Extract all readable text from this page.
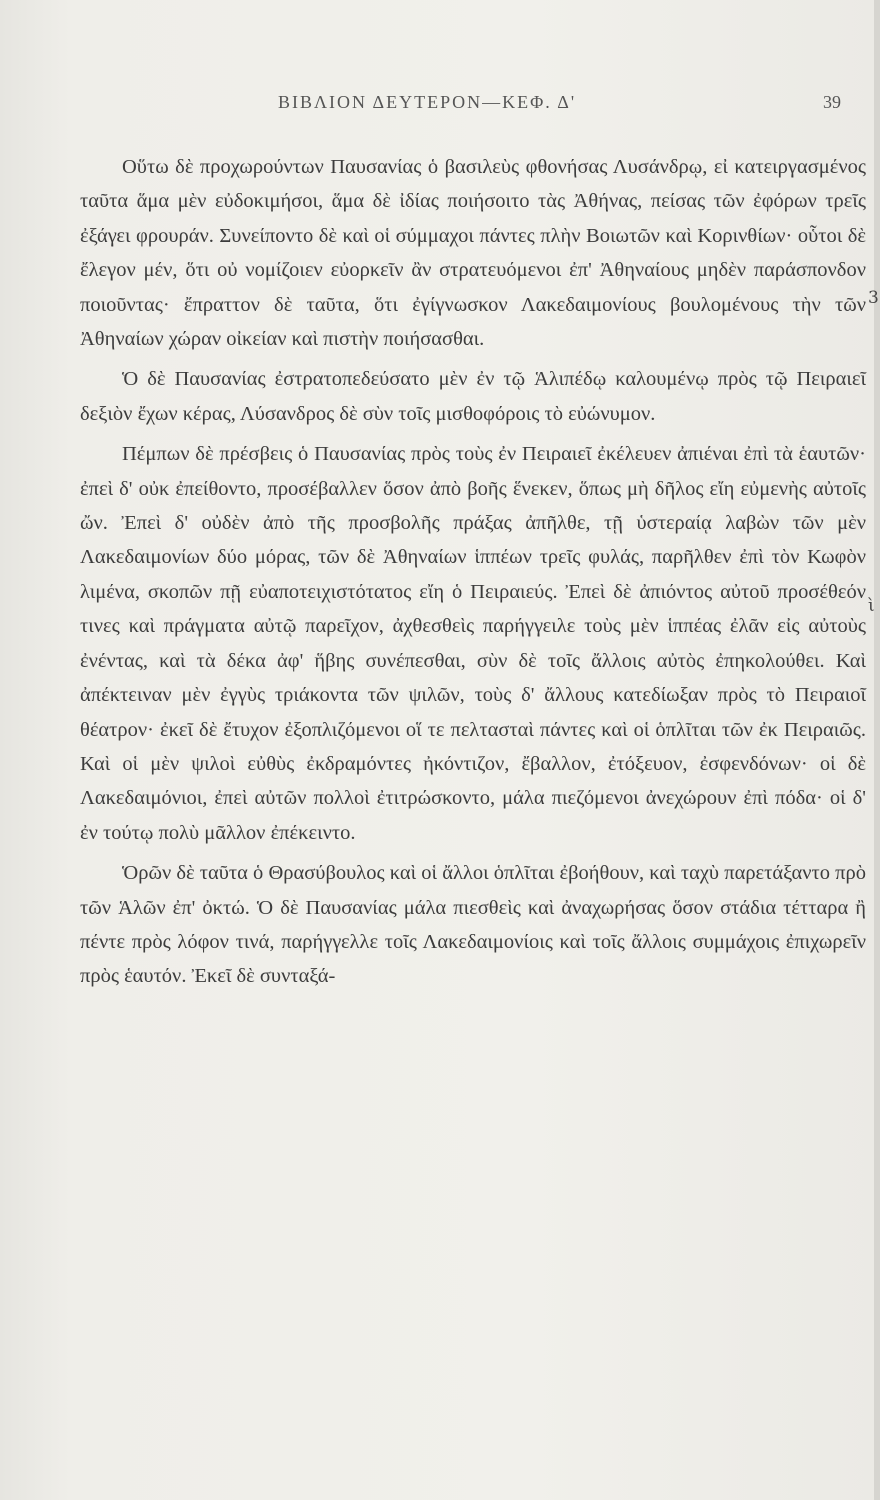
ΒΙΒΛΙΟΝ ΔΕΥΤΕΡΟΝ—ΚΕΦ. Δ'	39
3
ὶ

Οὕτω δὲ προχωρούντων Παυσανίας ὁ βασιλεὺς φθονήσας Λυσάνδρῳ, εἰ κατειργασμένος ταῦτα ἅμα μὲν εὐδοκιμήσοι, ἅμα δὲ ἰδίας ποιήσοιτο τὰς Ἀθήνας, πείσας τῶν ἐφόρων τρεῖς ἐξάγει φρουράν. Συνείποντο δὲ καὶ οἱ σύμμαχοι πάντες πλὴν Βοιωτῶν καὶ Κορινθίων· οὗτοι δὲ ἔλεγον μέν, ὅτι οὐ νομίζοιεν εὐορκεῖν ἂν στρατευόμενοι ἐπ' Ἀθηναίους μηδὲν παράσπονδον ποιοῦντας· ἔπραττον δὲ ταῦτα, ὅτι ἐγίγνωσκον Λακεδαιμονίους βουλομένους τὴν τῶν Ἀθηναίων χώραν οἰκείαν καὶ πιστὴν ποιήσασθαι.

Ὁ δὲ Παυσανίας ἐστρατοπεδεύσατο μὲν ἐν τῷ Ἁλιπέδῳ καλουμένῳ πρὸς τῷ Πειραιεῖ δεξιὸν ἔχων κέρας, Λύσανδρος δὲ σὺν τοῖς μισθοφόροις τὸ εὐώνυμον.

Πέμπων δὲ πρέσβεις ὁ Παυσανίας πρὸς τοὺς ἐν Πειραιεῖ ἐκέλευεν ἀπιέναι ἐπὶ τὰ ἑαυτῶν· ἐπεὶ δ' οὐκ ἐπείθοντο, προσέβαλλεν ὅσον ἀπὸ βοῆς ἕνεκεν, ὅπως μὴ δῆλος εἴη εὐμενὴς αὐτοῖς ὤν. Ἐπεὶ δ' οὐδὲν ἀπὸ τῆς προσβολῆς πράξας ἀπῆλθε, τῇ ὑστεραίᾳ λαβὼν τῶν μὲν Λακεδαιμονίων δύο μόρας, τῶν δὲ Ἀθηναίων ἱππέων τρεῖς φυλάς, παρῆλθεν ἐπὶ τὸν Κωφὸν λιμένα, σκοπῶν πῇ εὐαποτειχιστότατος εἴη ὁ Πειραιεύς. Ἐπεὶ δὲ ἀπιόντος αὐτοῦ προσέθεόν τινες καὶ πράγματα αὐτῷ παρεῖχον, ἀχθεσθεὶς παρήγγειλε τοὺς μὲν ἱππέας ἐλᾶν εἰς αὐτοὺς ἐνέντας, καὶ τὰ δέκα ἀφ' ἥβης συνέπεσθαι, σὺν δὲ τοῖς ἄλλοις αὐτὸς ἐπηκολούθει. Καὶ ἀπέκτειναν μὲν ἐγγὺς τριάκοντα τῶν ψιλῶν, τοὺς δ' ἄλλους κατεδίωξαν πρὸς τὸ Πειραιοῖ θέατρον· ἐκεῖ δὲ ἔτυχον ἐξοπλιζόμενοι οἵ τε πελτασταὶ πάντες καὶ οἱ ὁπλῖται τῶν ἐκ Πειραιῶς. Καὶ οἱ μὲν ψιλοὶ εὐθὺς ἐκδραμόντες ἠκόντιζον, ἔβαλλον, ἐτόξευον, ἐσφενδόνων· οἱ δὲ Λακεδαιμόνιοι, ἐπεὶ αὐτῶν πολλοὶ ἐτιτρώσκοντο, μάλα πιεζόμενοι ἀνεχώρουν ἐπὶ πόδα· οἱ δ' ἐν τούτῳ πολὺ μᾶλλον ἐπέκειντο.

Ὁρῶν δὲ ταῦτα ὁ Θρασύβουλος καὶ οἱ ἄλλοι ὁπλῖται ἐβοήθουν, καὶ ταχὺ παρετάξαντο πρὸ τῶν Ἁλῶν ἐπ' ὀκτώ. Ὁ δὲ Παυσανίας μάλα πιεσθεὶς καὶ ἀναχωρήσας ὅσον στάδια τέτταρα ἢ πέντε πρὸς λόφον τινά, παρήγγελλε τοῖς Λακεδαιμονίοις καὶ τοῖς ἄλλοις συμμάχοις ἐπιχωρεῖν πρὸς ἑαυτόν. Ἐκεῖ δὲ συνταξά-
